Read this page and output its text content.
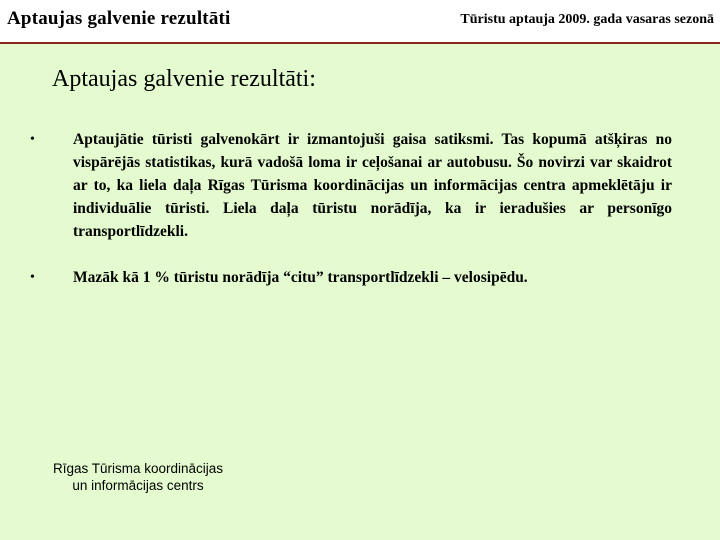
Aptaujas galvenie rezultāti	Tūristu aptauja 2009. gada vasaras sezonā
Aptaujas galvenie rezultāti:
• Aptaujātie tūristi galvenokārt ir izmantojuši gaisa satiksmi. Tas kopumā atšķiras no vispārējās statistikas, kurā vadošā loma ir ceļošanai ar autobusu. Šo novirzi var skaidrot ar to, ka liela daļa Rīgas Tūrisma koordinācijas un informācijas centra apmeklētāju ir individuālie tūristi. Liela daļa tūristu norādīja, ka ir ieradušies ar personīgo transportlīdzekli.
• Mazāk kā 1 % tūristu norādīja “citu” transportlīdzekli – velosipēdu.
Rīgas Tūrisma koordinācijas
un informācijas centrs
